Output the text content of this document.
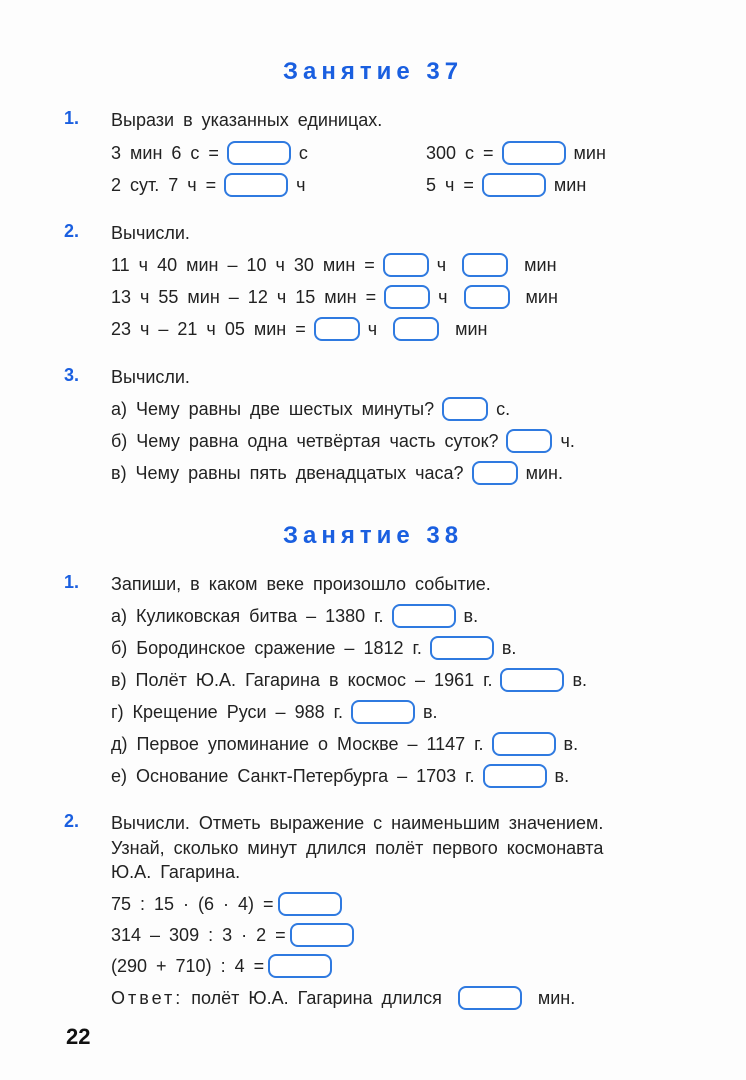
Занятие 37
1. Вырази в указанных единицах.
3 мин 6 с =	с	300 с =	мин
2 сут. 7 ч =	ч	5 ч =	мин
2. Вычисли.
11 ч 40 мин – 10 ч 30 мин =	ч	мин
13 ч 55 мин – 12 ч 15 мин =	ч	мин
23 ч – 21 ч 05 мин =	ч	мин
3. Вычисли.
а) Чему равны две шестых минуты?	с.
б) Чему равна одна четвёртая часть суток?	ч.
в) Чему равны пять двенадцатых часа?	мин.
Занятие 38
1. Запиши, в каком веке произошло событие.
а) Куликовская битва – 1380 г.	в.
б) Бородинское сражение – 1812 г.	в.
в) Полёт Ю.А. Гагарина в космос – 1961 г.	в.
г) Крещение Руси – 988 г.	в.
д) Первое упоминание о Москве – 1147 г.	в.
е) Основание Санкт-Петербурга – 1703 г.	в.
2. Вычисли. Отметь выражение с наименьшим значением.
Узнай, сколько минут длился полёт первого космонавта
Ю.А. Гагарина.
75 : 15 · (6 · 4) =
314 – 309 : 3 · 2 =
(290 + 710) : 4 =
Ответ: полёт Ю.А. Гагарина длился	мин.
22
